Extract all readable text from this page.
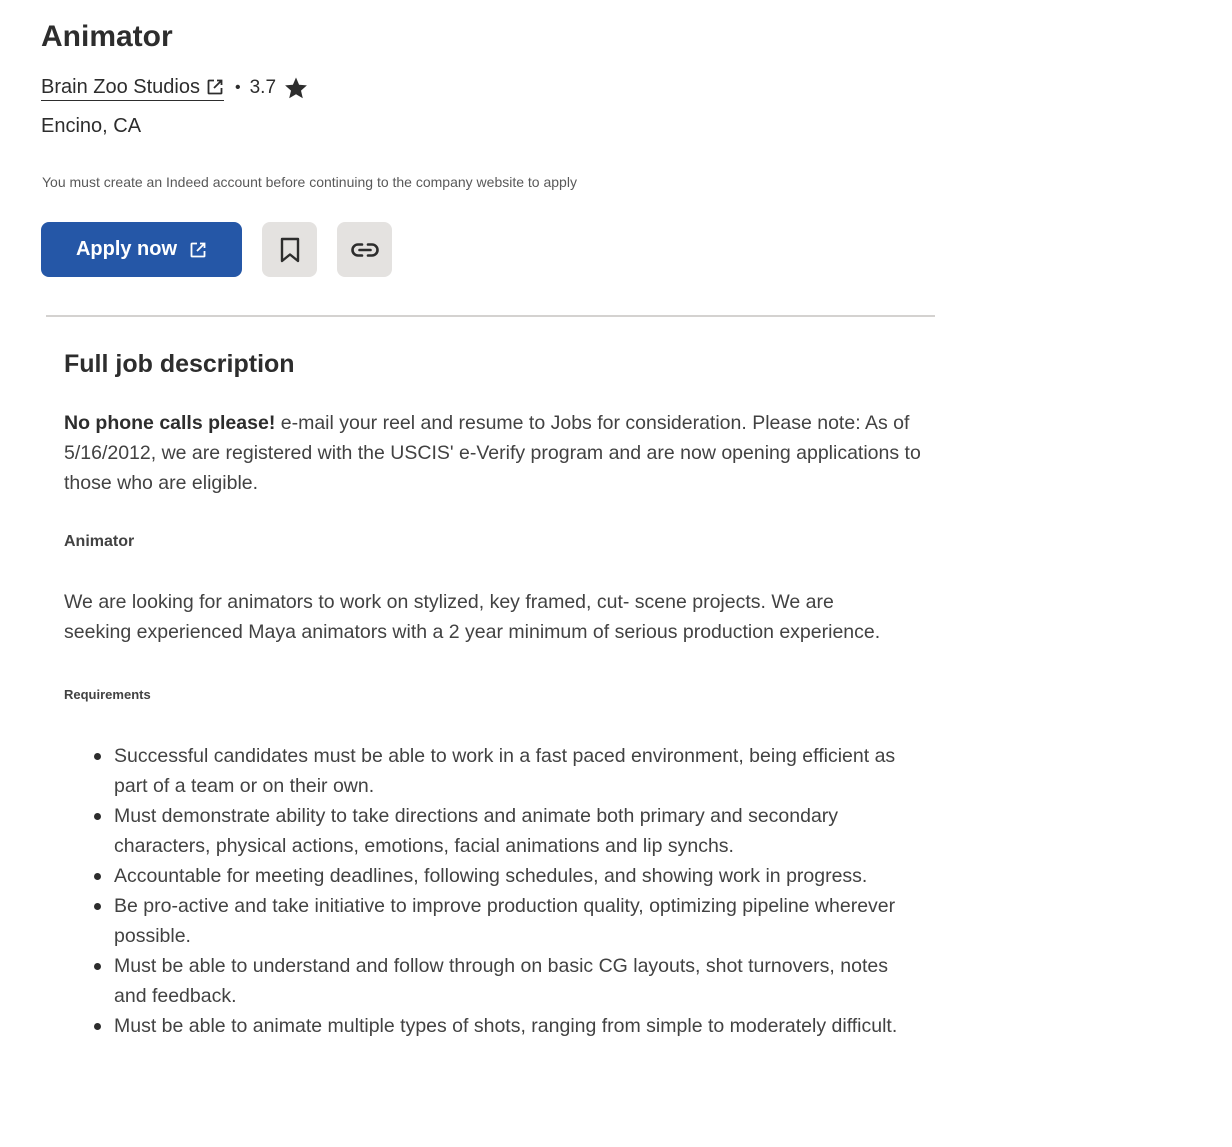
Animator
Brain Zoo Studios • 3.7
Encino, CA
You must create an Indeed account before continuing to the company website to apply
Apply now
Full job description

No phone calls please! e-mail your reel and resume to Jobs for consideration. Please note: As of 5/16/2012, we are registered with the USCIS' e-Verify program and are now opening applications to those who are eligible.

Animator

We are looking for animators to work on stylized, key framed, cut- scene projects. We are seeking experienced Maya animators with a 2 year minimum of serious production experience.

Requirements
Successful candidates must be able to work in a fast paced environment, being efficient as part of a team or on their own.
Must demonstrate ability to take directions and animate both primary and secondary characters, physical actions, emotions, facial animations and lip synchs.
Accountable for meeting deadlines, following schedules, and showing work in progress.
Be pro-active and take initiative to improve production quality, optimizing pipeline wherever possible.
Must be able to understand and follow through on basic CG layouts, shot turnovers, notes and feedback.
Must be able to animate multiple types of shots, ranging from simple to moderately difficult.
